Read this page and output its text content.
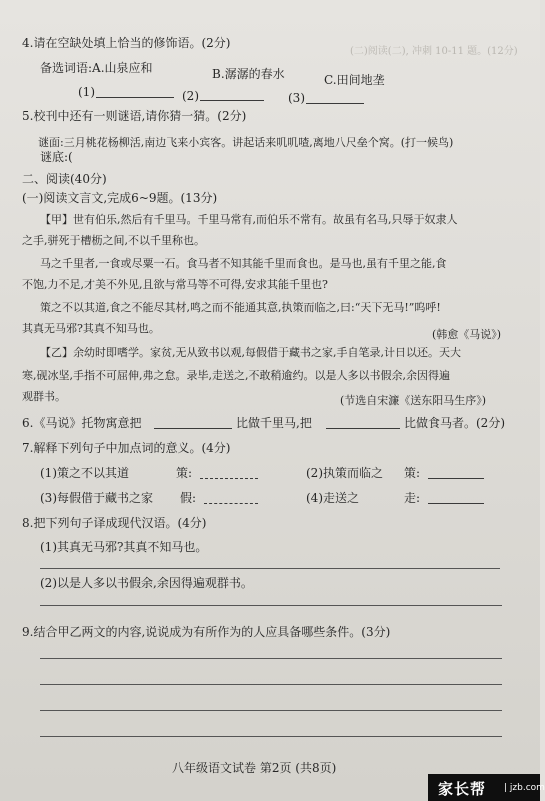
(二)阅读(二), 冲刺 10-11 题。(12分)
4.请在空缺处填上恰当的修饰语。(2分)
备选词语:A.山泉应和	B.潺潺的春水	C.田间地垄
(1)	(2)	(3)
5.校刊中还有一则谜语,请你猜一猜。(2分)
谜面:三月桃花杨柳活,南边飞来小宾客。讲起话来叽叽喳,离地八尺垒个窝。(打一候鸟)
谜底:(
二、阅读(40分)
(一)阅读文言文,完成6~9题。(13分)
【甲】世有伯乐,然后有千里马。千里马常有,而伯乐不常有。故虽有名马,只辱于奴隶人
之手,骈死于槽枥之间,不以千里称也。
马之千里者,一食或尽粟一石。食马者不知其能千里而食也。是马也,虽有千里之能,食
不饱,力不足,才美不外见,且欲与常马等不可得,安求其能千里也?
策之不以其道,食之不能尽其材,鸣之而不能通其意,执策而临之,曰:“天下无马!”呜呼!
其真无马邪?其真不知马也。	(韩愈《马说》)
【乙】余幼时即嗜学。家贫,无从致书以观,每假借于藏书之家,手自笔录,计日以还。天大
寒,砚冰坚,手指不可屈伸,弗之怠。录毕,走送之,不敢稍逾约。以是人多以书假余,余因得遍
观群书。	(节选自宋濂《送东阳马生序》)
6.《马说》托物寓意把	比做千里马,把	比做食马者。(2分)
7.解释下列句子中加点词的意义。(4分)
(1)策之不以其道	策:	(2)执策而临之 策:
(3)每假借于藏书之家 假:	(4)走送之	走:
8.把下列句子译成现代汉语。(4分)
(1)其真无马邪?其真不知马也。
(2)以是人多以书假余,余因得遍观群书。
9.结合甲乙两文的内容,说说成为有所作为的人应具备哪些条件。(3分)
八年级语文试卷 第2页 (共8页)
家长帮 | jzb.com
